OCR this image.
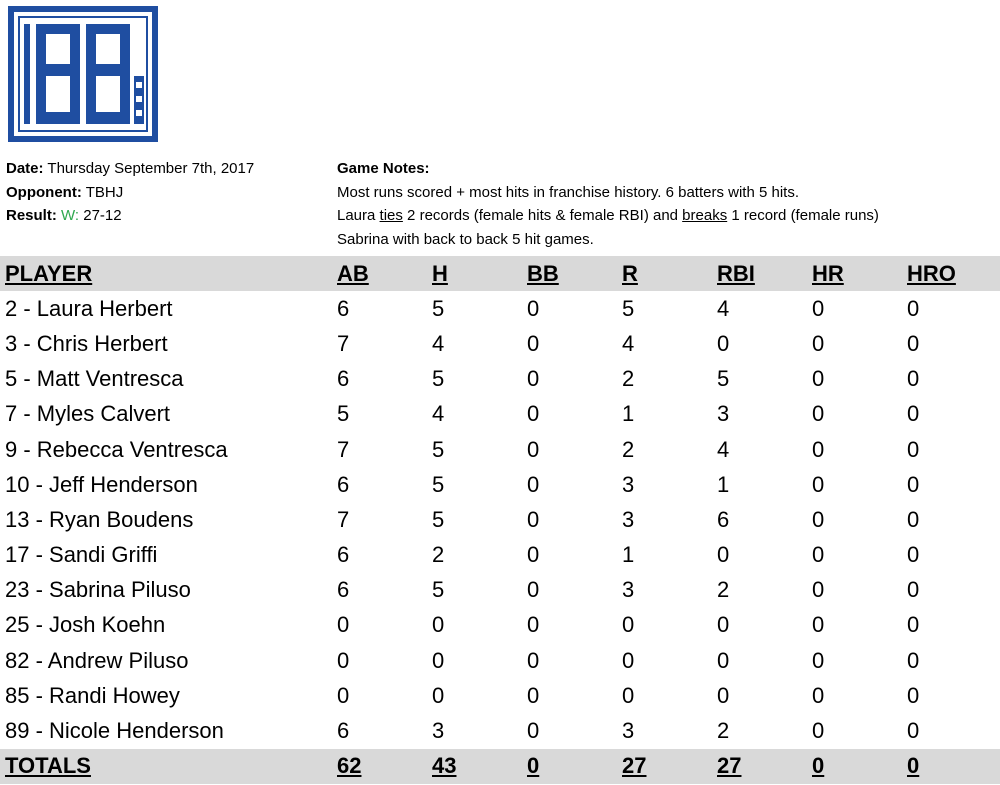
Date: Thursday September 7th, 2017
Opponent: TBHJ
Result: W: 27-12
Game Notes:
Most runs scored + most hits in franchise history. 6 batters with 5 hits.
Laura ties 2 records (female hits & female RBI) and breaks 1 record (female runs)
Sabrina with back to back 5 hit games.
PLAYER	AB	H	BB	R	RBI	HR	HRO
2 - Laura Herbert	6	5	0	5	4	0	0
3 - Chris Herbert	7	4	0	4	0	0	0
5 - Matt Ventresca	6	5	0	2	5	0	0
7 - Myles Calvert	5	4	0	1	3	0	0
9 - Rebecca Ventresca	7	5	0	2	4	0	0
10 - Jeff Henderson	6	5	0	3	1	0	0
13 - Ryan Boudens	7	5	0	3	6	0	0
17 - Sandi Griffi	6	2	0	1	0	0	0
23 - Sabrina Piluso	6	5	0	3	2	0	0
25 - Josh Koehn	0	0	0	0	0	0	0
82 - Andrew Piluso	0	0	0	0	0	0	0
85 - Randi Howey	0	0	0	0	0	0	0
89 - Nicole Henderson	6	3	0	3	2	0	0
TOTALS	62	43	0	27	27	0	0
